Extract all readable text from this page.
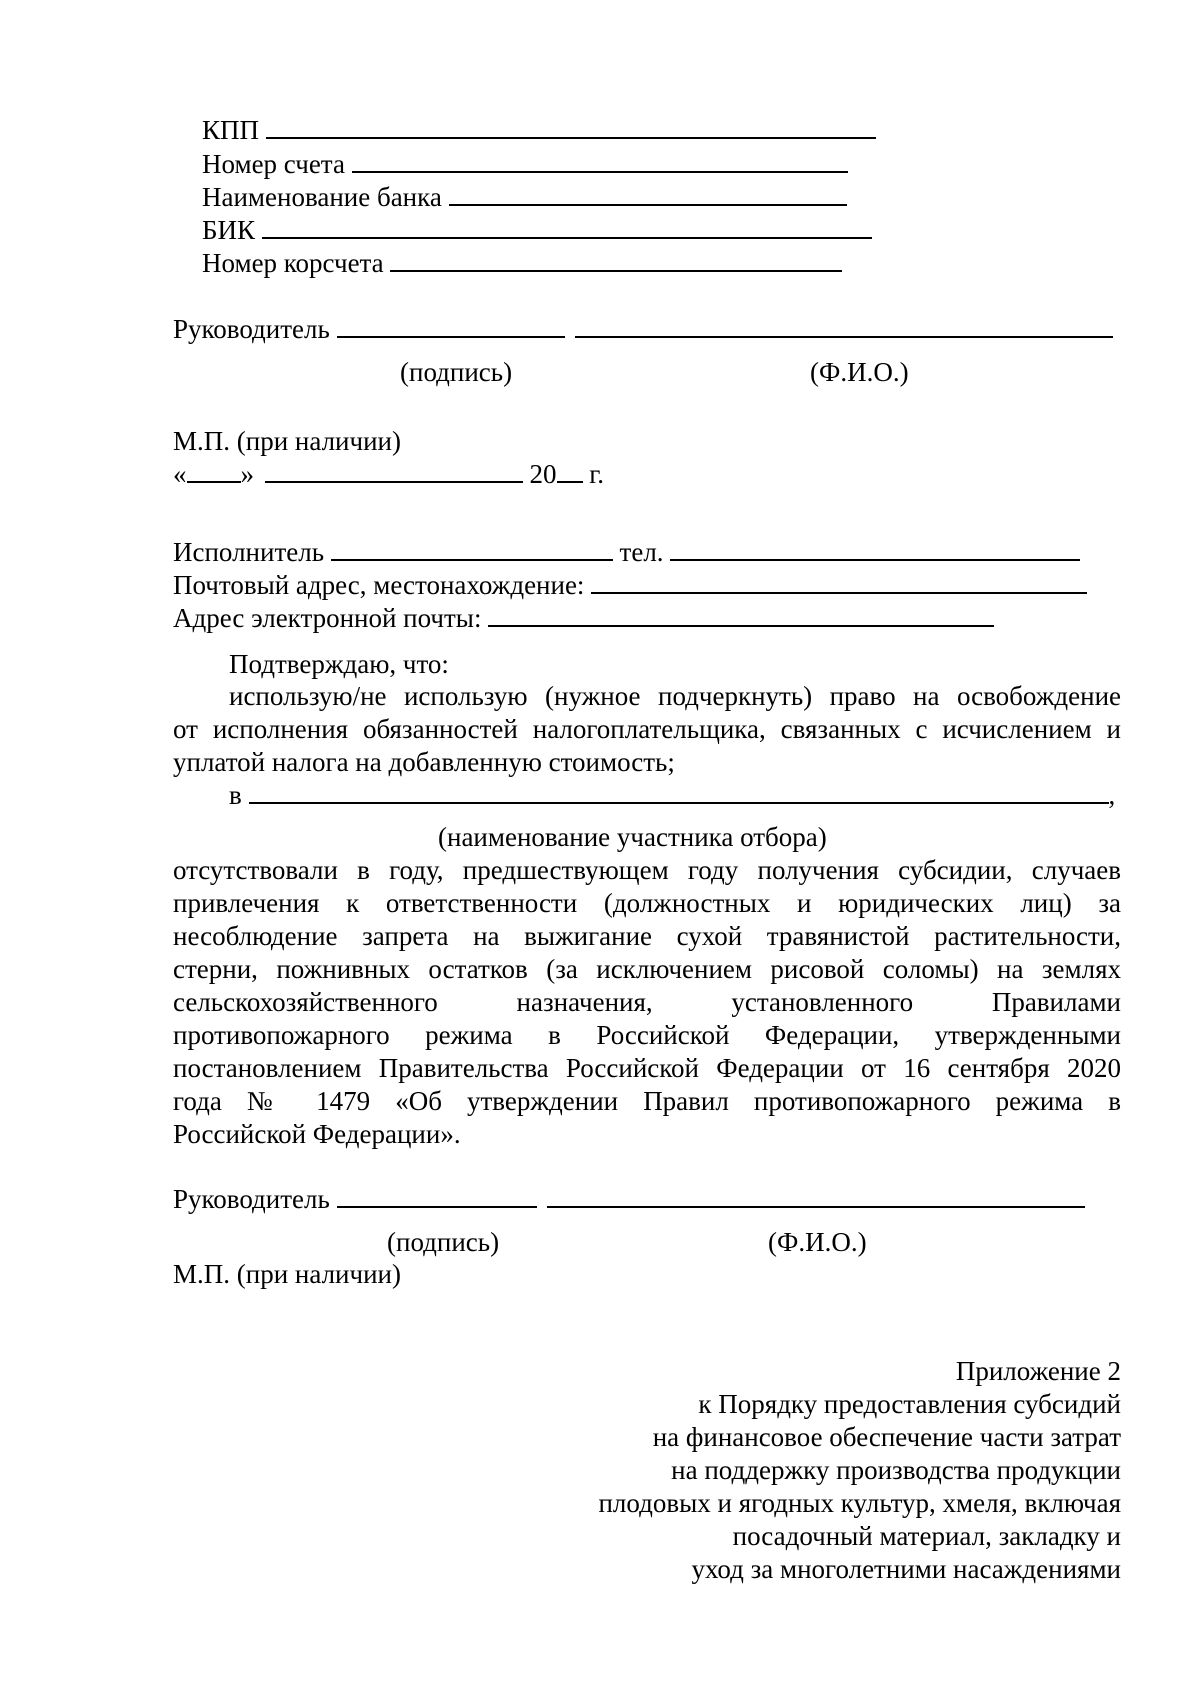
КПП
Номер счета
Наименование банка
БИК
Номер корсчета
Руководитель
(подпись)	(Ф.И.О.)
М.П. (при наличии)
« »	20 г.
Исполнитель	тел.
Почтовый адрес, местонахождение:
Адрес электронной почты:
Подтверждаю, что:
использую/не использую (нужное подчеркнуть) право на освобождение
от исполнения обязанностей налогоплательщика, связанных с исчислением и
уплатой налога на добавленную стоимость;
в	,
(наименование участника отбора)
отсутствовали в году, предшествующем году получения субсидии, случаев
привлечения к ответственности (должностных и юридических лиц) за
несоблюдение запрета на выжигание сухой травянистой растительности,
стерни, пожнивных остатков (за исключением рисовой соломы) на землях
сельскохозяйственного назначения, установленного Правилами
противопожарного режима в Российской Федерации, утвержденными
постановлением Правительства Российской Федерации от 16 сентября 2020
года № 1479 «Об утверждении Правил противопожарного режима в
Российской Федерации».
Руководитель
(подпись)	(Ф.И.О.)
М.П. (при наличии)
Приложение 2
к Порядку предоставления субсидий
на финансовое обеспечение части затрат
на поддержку производства продукции
плодовых и ягодных культур, хмеля, включая
посадочный материал, закладку и
уход за многолетними насаждениями
